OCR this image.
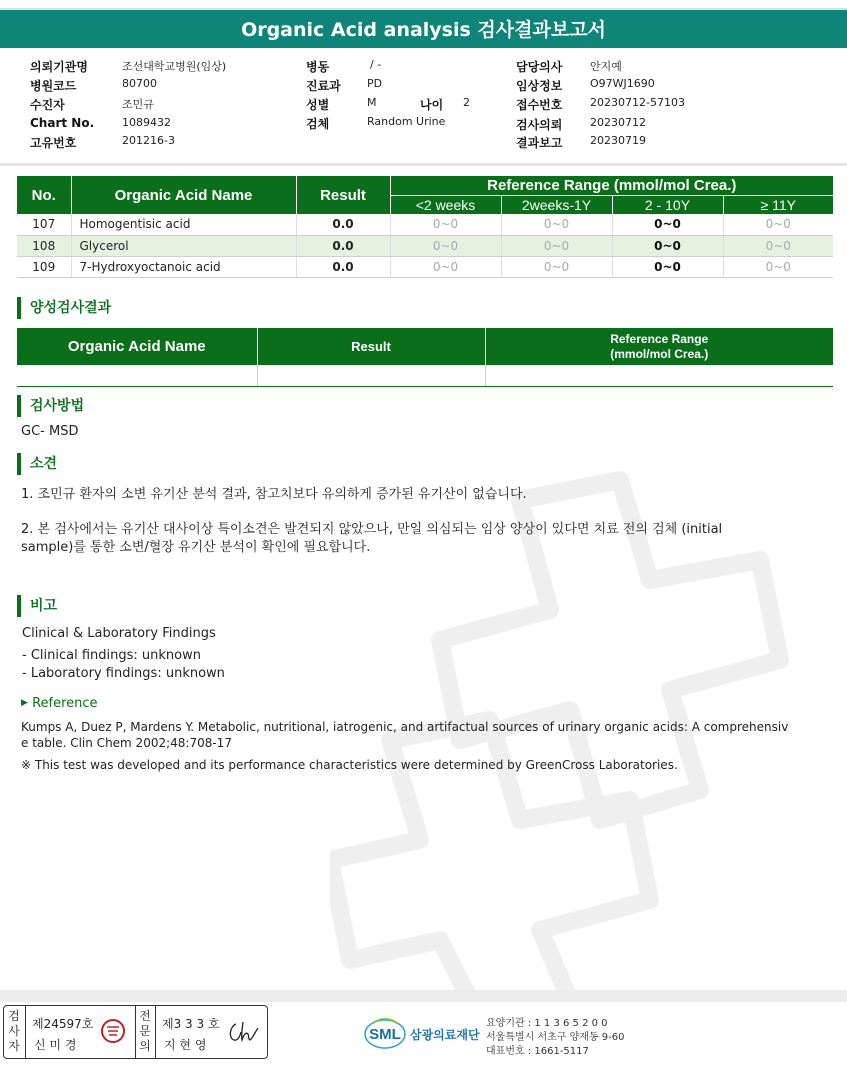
Organic Acid analysis 검사결과보고서
의뢰기관명	조선대학교병원(임상)
병원코드	80700
수진자	조민규
Chart No.	1089432
고유번호	201216-3
병동	/ -
진료과 PD
성별	M	나이 2
검체	Random Urine
담당의사	안지예
임상정보	O97WJ1690
접수번호	20230712-57103
검사의뢰	20230712
결과보고	20230719
No.	Organic Acid Name	Result	Reference Range (mmol/mol Crea.)			
			<2 weeks	2weeks-1Y	2 - 10Y	≥ 11Y
107	Homogentisic acid	0.0	0~0	0~0	0~0	0~0
108	Glycerol	0.0	0~0	0~0	0~0	0~0
109	7-Hydroxyoctanoic acid	0.0	0~0	0~0	0~0	0~0
양성검사결과
Organic Acid Name	Result	Reference Range
(mmol/mol Crea.)

검사방법
GC- MSD
소견
1. 조민규 환자의 소변 유기산 분석 결과, 참고치보다 유의하게 증가된 유기산이 없습니다.
2. 본 검사에서는 유기산 대사이상 특이소견은 발견되지 않았으나, 만일 의심되는 임상 양상이 있다면 치료 전의 검체 (initial
sample)를 통한 소변/혈장 유기산 분석이 확인에 필요합니다.
비고
Clinical & Laboratory Findings
- Clinical findings: unknown
- Laboratory findings: unknown
▶ Reference
Kumps A, Duez P, Mardens Y. Metabolic, nutritional, iatrogenic, and artifactual sources of urinary organic acids: A comprehensiv
e table. Clin Chem 2002;48:708-17
※ This test was developed and its performance characteristics were determined by GreenCross Laboratories.
검사자
제24597호
신 미 경
전문의
제3 3 3 호
지 현 영
SML 삼광의료재단
요양기관 : 1 1 3 6 5 2 0 0
서울특별시 서초구 양재동 9-60
대표번호 : 1661-5117
